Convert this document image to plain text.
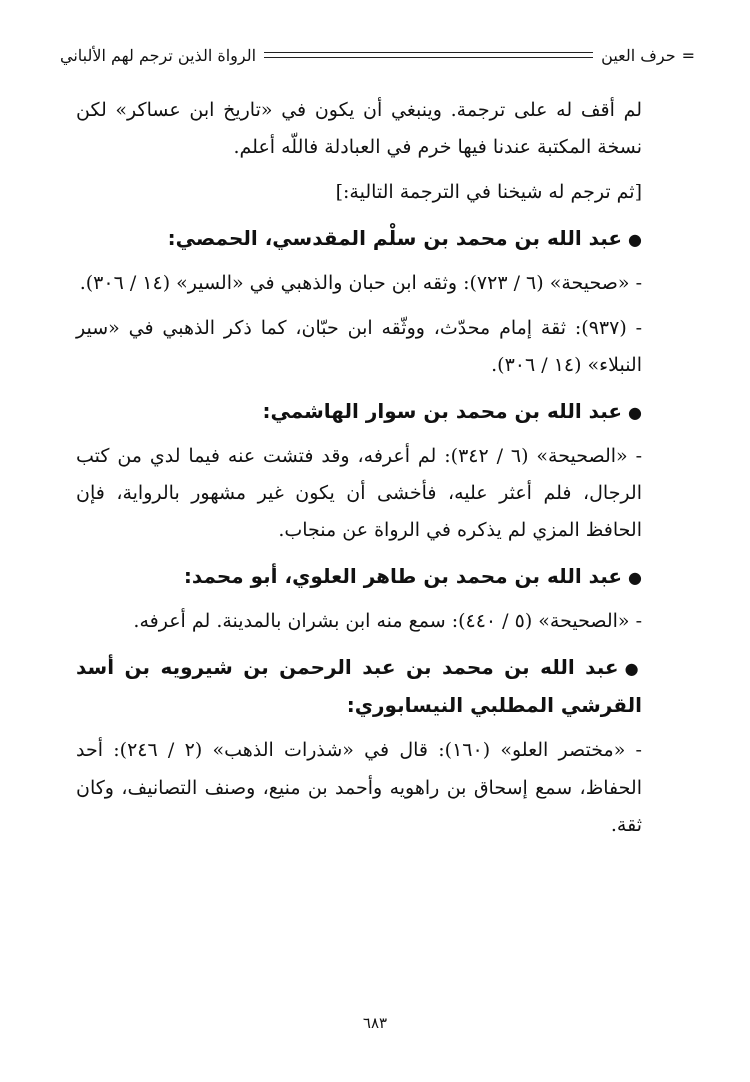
=
حرف العين
الرواة الذين ترجم لهم الألباني

لم أقف له على ترجمة. وينبغي أن يكون في «تاريخ ابن عساكر» لكن نسخة المكتبة عندنا فيها خرم في العبادلة فاللّه أعلم.

[ثم ترجم له شيخنا في الترجمة التالية:]

●عبد الله بن محمد بن سلْم المقدسي، الحمصي:

- «صحيحة» (٦ / ٧٢٣): وثقه ابن حبان والذهبي في «السير» (١٤ / ٣٠٦).

- (٩٣٧): ثقة إمام محدّث، ووثّقه ابن حبّان، كما ذكر الذهبي في «سير النبلاء» (١٤ / ٣٠٦).

●عبد الله بن محمد بن سوار الهاشمي:

- «الصحيحة» (٦ / ٣٤٢): لم أعرفه، وقد فتشت عنه فيما لدي من كتب الرجال، فلم أعثر عليه، فأخشى أن يكون غير مشهور بالرواية، فإن الحافظ المزي لم يذكره في الرواة عن منجاب.

●عبد الله بن محمد بن طاهر العلوي، أبو محمد:

- «الصحيحة» (٥ / ٤٤٠): سمع منه ابن بشران بالمدينة. لم أعرفه.

●عبد الله بن محمد بن عبد الرحمن بن شيرويه بن أسد القرشي المطلبي النيسابوري:

- «مختصر العلو» (١٦٠): قال في «شذرات الذهب» (٢ / ٢٤٦): أحد الحفاظ، سمع إسحاق بن راهويه وأحمد بن منيع، وصنف التصانيف، وكان ثقة.

٦٨٣
